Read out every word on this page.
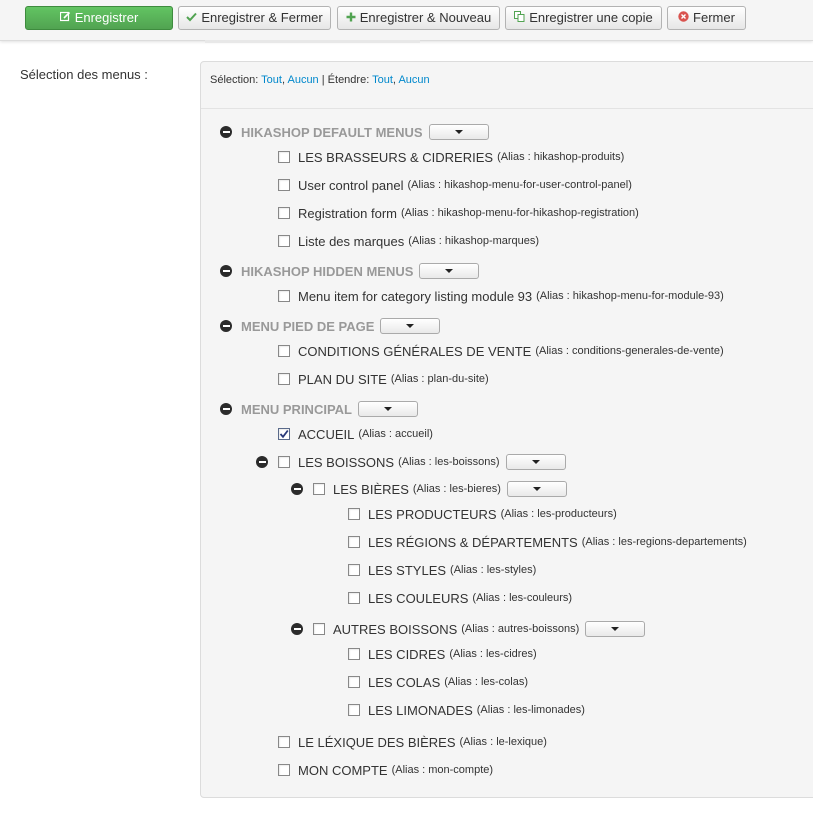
Enregistrer	Enregistrer & Fermer	Enregistrer & Nouveau	Enregistrer une copie	Fermer
Sélection des menus :	Sélection: Tout, Aucun | Étendre: Tout, Aucun
HIKASHOP DEFAULT MENUS
LES BRASSEURS & CIDRERIES (Alias : hikashop-produits)
User control panel (Alias : hikashop-menu-for-user-control-panel)
Registration form (Alias : hikashop-menu-for-hikashop-registration)
Liste des marques (Alias : hikashop-marques)
HIKASHOP HIDDEN MENUS
Menu item for category listing module 93 (Alias : hikashop-menu-for-module-93)
MENU PIED DE PAGE
CONDITIONS GÉNÉRALES DE VENTE (Alias : conditions-generales-de-vente)
PLAN DU SITE (Alias : plan-du-site)
MENU PRINCIPAL
ACCUEIL (Alias : accueil)
LES BOISSONS (Alias : les-boissons)
LES BIÈRES (Alias : les-bieres)
LES PRODUCTEURS (Alias : les-producteurs)
LES RÉGIONS & DÉPARTEMENTS (Alias : les-regions-departements)
LES STYLES (Alias : les-styles)
LES COULEURS (Alias : les-couleurs)
AUTRES BOISSONS (Alias : autres-boissons)
LES CIDRES (Alias : les-cidres)
LES COLAS (Alias : les-colas)
LES LIMONADES (Alias : les-limonades)
LE LÉXIQUE DES BIÈRES (Alias : le-lexique)
MON COMPTE (Alias : mon-compte)
